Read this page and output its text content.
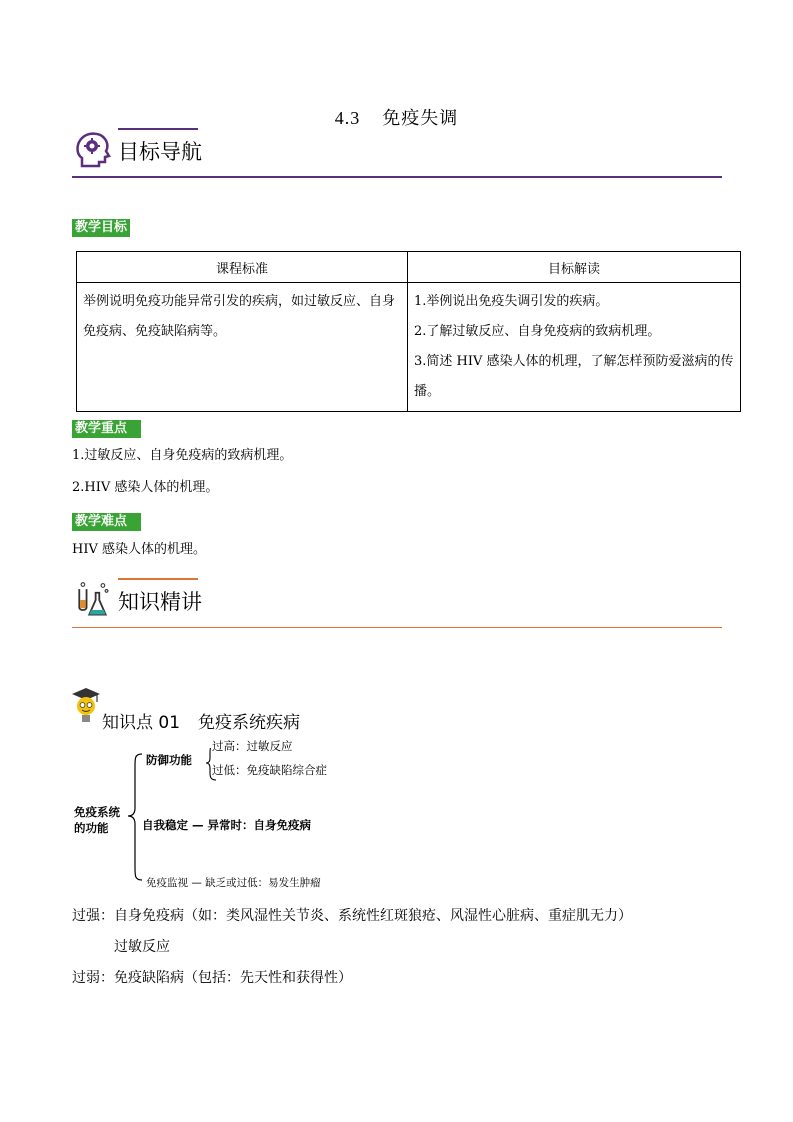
4.3 免疫失调
目标导航
教学目标
课程标准	目标解读
举例说明免疫功能异常引发的疾病，如过敏反应、自身免疫病、免疫缺陷病等。	1.举例说出免疫失调引发的疾病。
2.了解过敏反应、自身免疫病的致病机理。
3.简述 HIV 感染人体的机理，了解怎样预防爱滋病的传播。
教学重点
1.过敏反应、自身免疫病的致病机理。
2.HIV 感染人体的机理。
教学难点
HIV 感染人体的机理。
知识精讲
知识点 01 免疫系统疾病
免疫系统
的功能
防御功能
过高：过敏反应
过低：免疫缺陷综合症
自我稳定 — 异常时：自身免疫病
免疫监视 — 缺乏或过低：易发生肿瘤
过强：自身免疫病（如：类风湿性关节炎、系统性红斑狼疮、风湿性心脏病、重症肌无力）
过敏反应
过弱：免疫缺陷病（包括：先天性和获得性）
